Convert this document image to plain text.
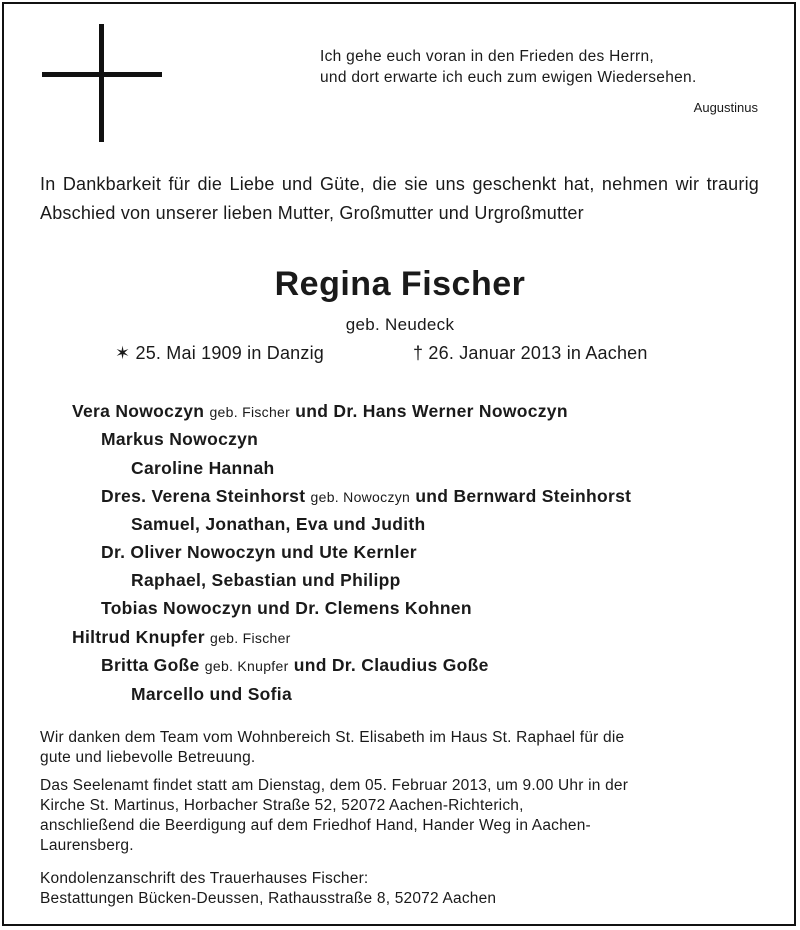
Ich gehe euch voran in den Frieden des Herrn,
und dort erwarte ich euch zum ewigen Wiedersehen.
Augustinus
In Dankbarkeit für die Liebe und Güte, die sie uns geschenkt hat, nehmen wir traurig Abschied von unserer lieben Mutter, Großmutter und Urgroßmutter
Regina Fischer
geb. Neudeck
✶ 25. Mai 1909 in Danzig	† 26. Januar 2013 in Aachen
Vera Nowoczyn geb. Fischer und Dr. Hans Werner Nowoczyn
Markus Nowoczyn
Caroline Hannah
Dres. Verena Steinhorst geb. Nowoczyn und Bernward Steinhorst
Samuel, Jonathan, Eva und Judith
Dr. Oliver Nowoczyn und Ute Kernler
Raphael, Sebastian und Philipp
Tobias Nowoczyn und Dr. Clemens Kohnen
Hiltrud Knupfer geb. Fischer
Britta Goße geb. Knupfer und Dr. Claudius Goße
Marcello und Sofia
Wir danken dem Team vom Wohnbereich St. Elisabeth im Haus St. Raphael für die
gute und liebevolle Betreuung.
Das Seelenamt findet statt am Dienstag, dem 05. Februar 2013, um 9.00 Uhr in der
Kirche St. Martinus, Horbacher Straße 52, 52072 Aachen-Richterich,
anschließend die Beerdigung auf dem Friedhof Hand, Hander Weg in Aachen-
Laurensberg.
Kondolenzanschrift des Trauerhauses Fischer:
Bestattungen Bücken-Deussen, Rathausstraße 8, 52072 Aachen
